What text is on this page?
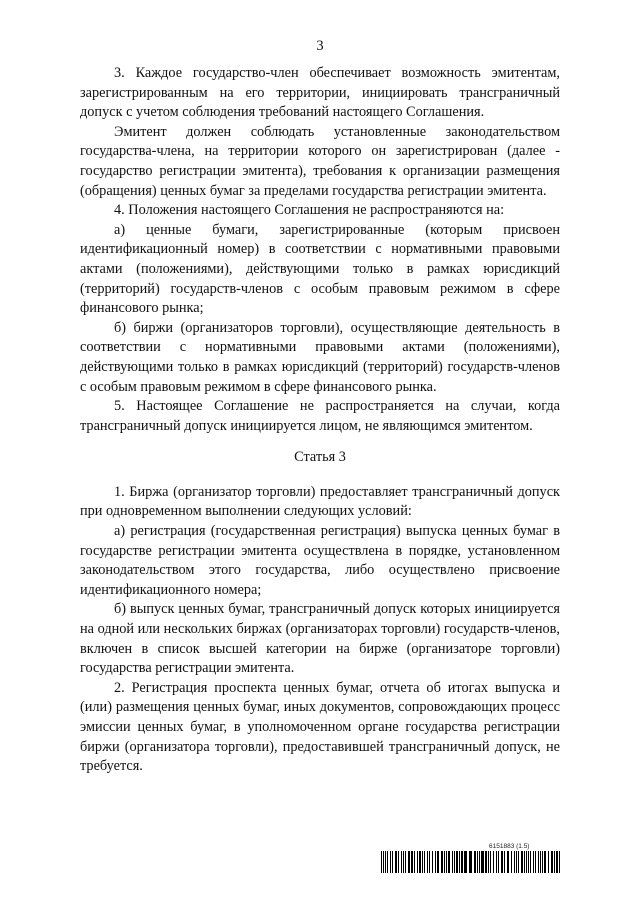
3

3. Каждое государство-член обеспечивает возможность эмитентам, зарегистрированным на его территории, инициировать трансграничный допуск с учетом соблюдения требований настоящего Соглашения.

Эмитент должен соблюдать установленные законодательством государства-члена, на территории которого он зарегистрирован (далее - государство регистрации эмитента), требования к организации размещения (обращения) ценных бумаг за пределами государства регистрации эмитента.

4. Положения настоящего Соглашения не распространяются на:

а) ценные бумаги, зарегистрированные (которым присвоен идентификационный номер) в соответствии с нормативными правовыми актами (положениями), действующими только в рамках юрисдикций (территорий) государств-членов с особым правовым режимом в сфере финансового рынка;

б) биржи (организаторов торговли), осуществляющие деятельность в соответствии с нормативными правовыми актами (положениями), действующими только в рамках юрисдикций (территорий) государств-членов с особым правовым режимом в сфере финансового рынка.

5. Настоящее Соглашение не распространяется на случаи, когда трансграничный допуск инициируется лицом, не являющимся эмитентом.

Статья 3

1. Биржа (организатор торговли) предоставляет трансграничный допуск при одновременном выполнении следующих условий:

а) регистрация (государственная регистрация) выпуска ценных бумаг в государстве регистрации эмитента осуществлена в порядке, установленном законодательством этого государства, либо осуществлено присвоение идентификационного номера;

б) выпуск ценных бумаг, трансграничный допуск которых инициируется на одной или нескольких биржах (организаторах торговли) государств-членов, включен в список высшей категории на бирже (организаторе торговли) государства регистрации эмитента.

2. Регистрация проспекта ценных бумаг, отчета об итогах выпуска и (или) размещения ценных бумаг, иных документов, сопровождающих процесс эмиссии ценных бумаг, в уполномоченном органе государства регистрации биржи (организатора торговли), предоставившей трансграничный допуск, не требуется.

6151883 (1.5)
